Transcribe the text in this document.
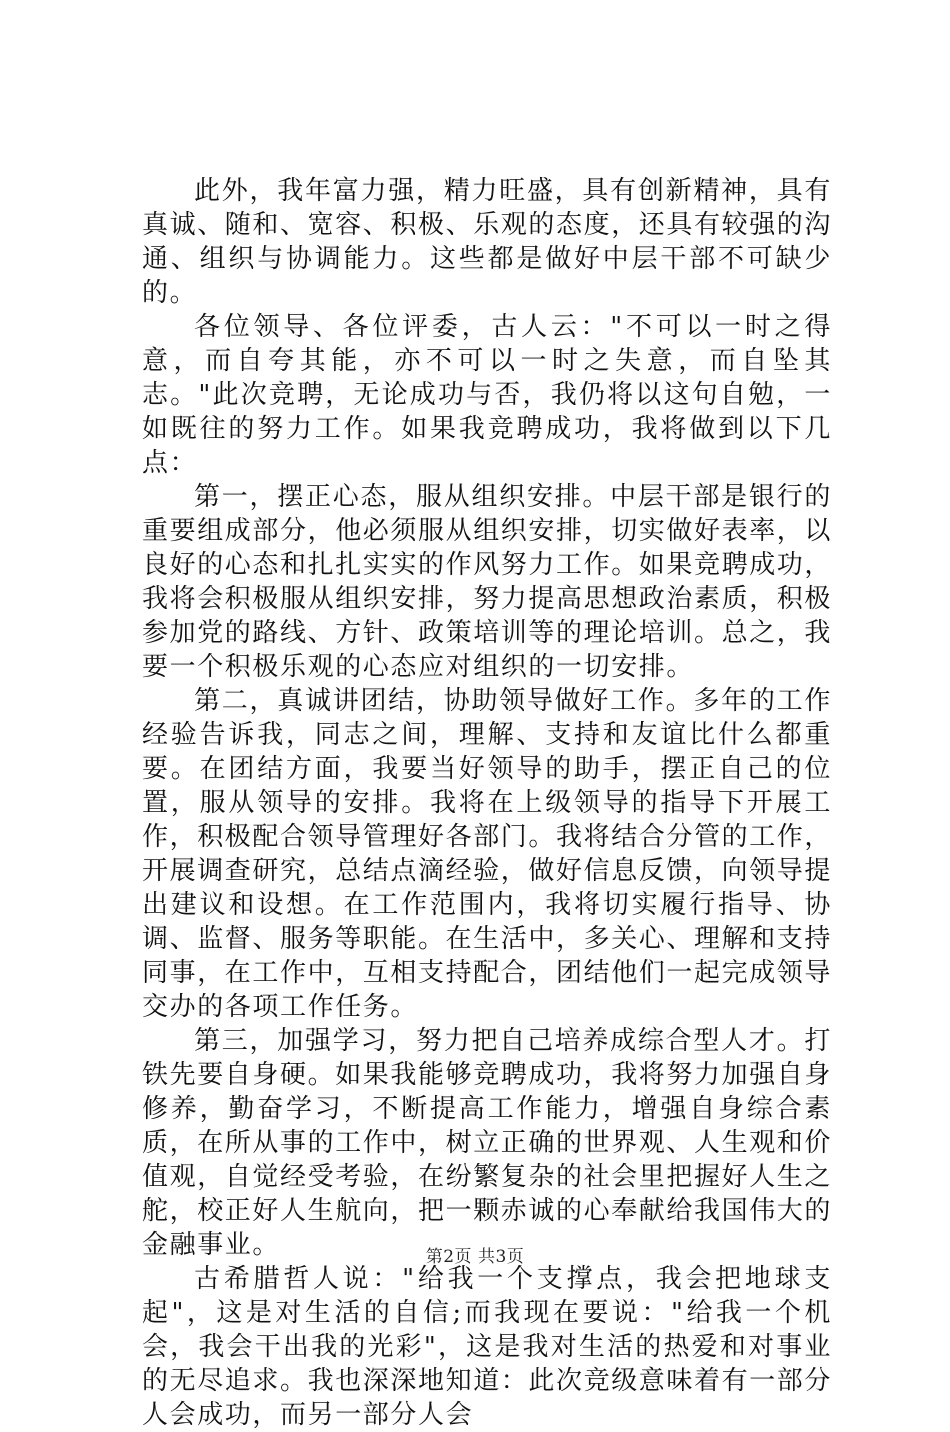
此外，我年富力强，精力旺盛，具有创新精神，具有真诚、随和、宽容、积极、乐观的态度，还具有较强的沟通、组织与协调能力。这些都是做好中层干部不可缺少的。

各位领导、各位评委，古人云："不可以一时之得意，而自夸其能，亦不可以一时之失意，而自坠其志。"此次竞聘，无论成功与否，我仍将以这句自勉，一如既往的努力工作。如果我竞聘成功，我将做到以下几点：

第一，摆正心态，服从组织安排。中层干部是银行的重要组成部分，他必须服从组织安排，切实做好表率，以良好的心态和扎扎实实的作风努力工作。如果竞聘成功，我将会积极服从组织安排，努力提高思想政治素质，积极参加党的路线、方针、政策培训等的理论培训。总之，我要一个积极乐观的心态应对组织的一切安排。

第二，真诚讲团结，协助领导做好工作。多年的工作经验告诉我，同志之间，理解、支持和友谊比什么都重要。在团结方面，我要当好领导的助手，摆正自己的位置，服从领导的安排。我将在上级领导的指导下开展工作，积极配合领导管理好各部门。我将结合分管的工作，开展调查研究，总结点滴经验，做好信息反馈，向领导提出建议和设想。在工作范围内，我将切实履行指导、协调、监督、服务等职能。在生活中，多关心、理解和支持同事，在工作中，互相支持配合，团结他们一起完成领导交办的各项工作任务。

第三，加强学习，努力把自己培养成综合型人才。打铁先要自身硬。如果我能够竞聘成功，我将努力加强自身修养，勤奋学习，不断提高工作能力，增强自身综合素质，在所从事的工作中，树立正确的世界观、人生观和价值观，自觉经受考验，在纷繁复杂的社会里把握好人生之舵，校正好人生航向，把一颗赤诚的心奉献给我国伟大的金融事业。

古希腊哲人说："给我一个支撑点，我会把地球支起"，这是对生活的自信;而我现在要说："给我一个机会，我会干出我的光彩"，这是我对生活的热爱和对事业的无尽追求。我也深深地知道：此次竞级意味着有一部分人会成功，而另一部分人会

第2页 共3页
